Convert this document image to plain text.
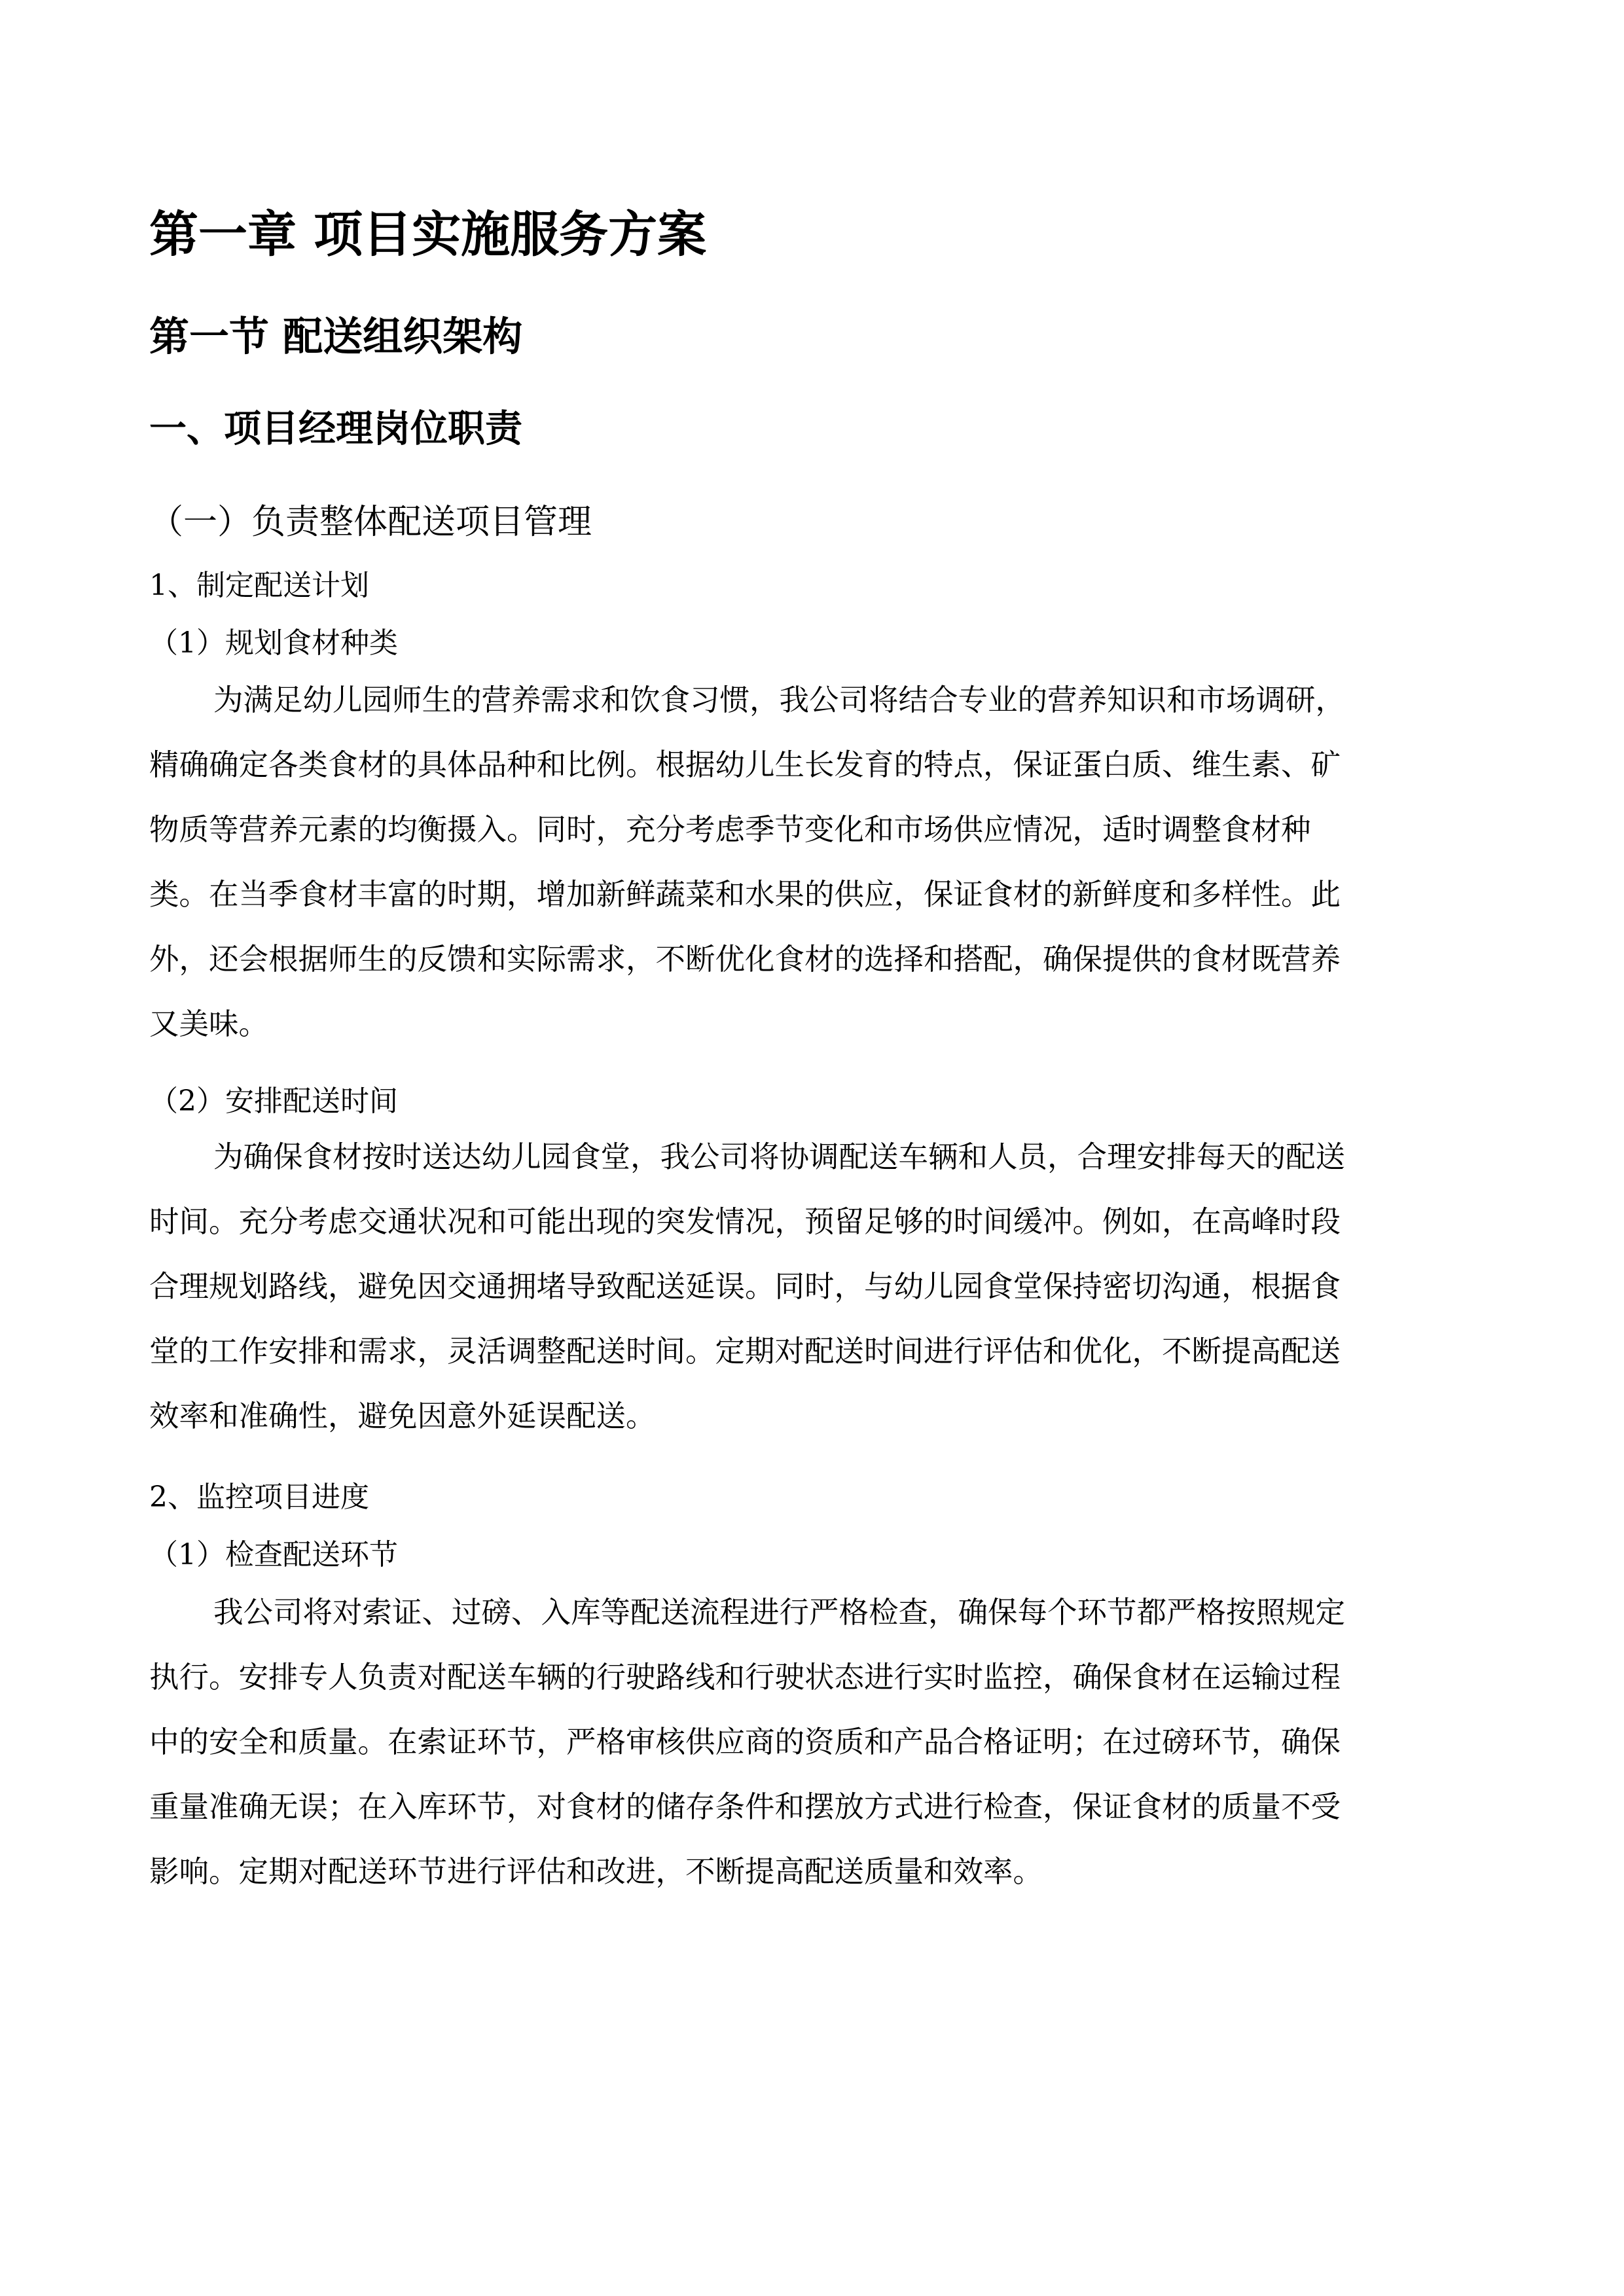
第一章 项目实施服务方案
第一节 配送组织架构
一、项目经理岗位职责
（一）负责整体配送项目管理
1、制定配送计划
（1）规划食材种类
为满足幼儿园师生的营养需求和饮食习惯，我公司将结合专业的营养知识和市场调研，
精确确定各类食材的具体品种和比例。根据幼儿生长发育的特点，保证蛋白质、维生素、矿
物质等营养元素的均衡摄入。同时，充分考虑季节变化和市场供应情况，适时调整食材种
类。在当季食材丰富的时期，增加新鲜蔬菜和水果的供应，保证食材的新鲜度和多样性。此
外，还会根据师生的反馈和实际需求，不断优化食材的选择和搭配，确保提供的食材既营养
又美味。
（2）安排配送时间
为确保食材按时送达幼儿园食堂，我公司将协调配送车辆和人员，合理安排每天的配送
时间。充分考虑交通状况和可能出现的突发情况，预留足够的时间缓冲。例如，在高峰时段
合理规划路线，避免因交通拥堵导致配送延误。同时，与幼儿园食堂保持密切沟通，根据食
堂的工作安排和需求，灵活调整配送时间。定期对配送时间进行评估和优化，不断提高配送
效率和准确性，避免因意外延误配送。
2、监控项目进度
（1）检查配送环节
我公司将对索证、过磅、入库等配送流程进行严格检查，确保每个环节都严格按照规定
执行。安排专人负责对配送车辆的行驶路线和行驶状态进行实时监控，确保食材在运输过程
中的安全和质量。在索证环节，严格审核供应商的资质和产品合格证明；在过磅环节，确保
重量准确无误；在入库环节，对食材的储存条件和摆放方式进行检查，保证食材的质量不受
影响。定期对配送环节进行评估和改进，不断提高配送质量和效率。
